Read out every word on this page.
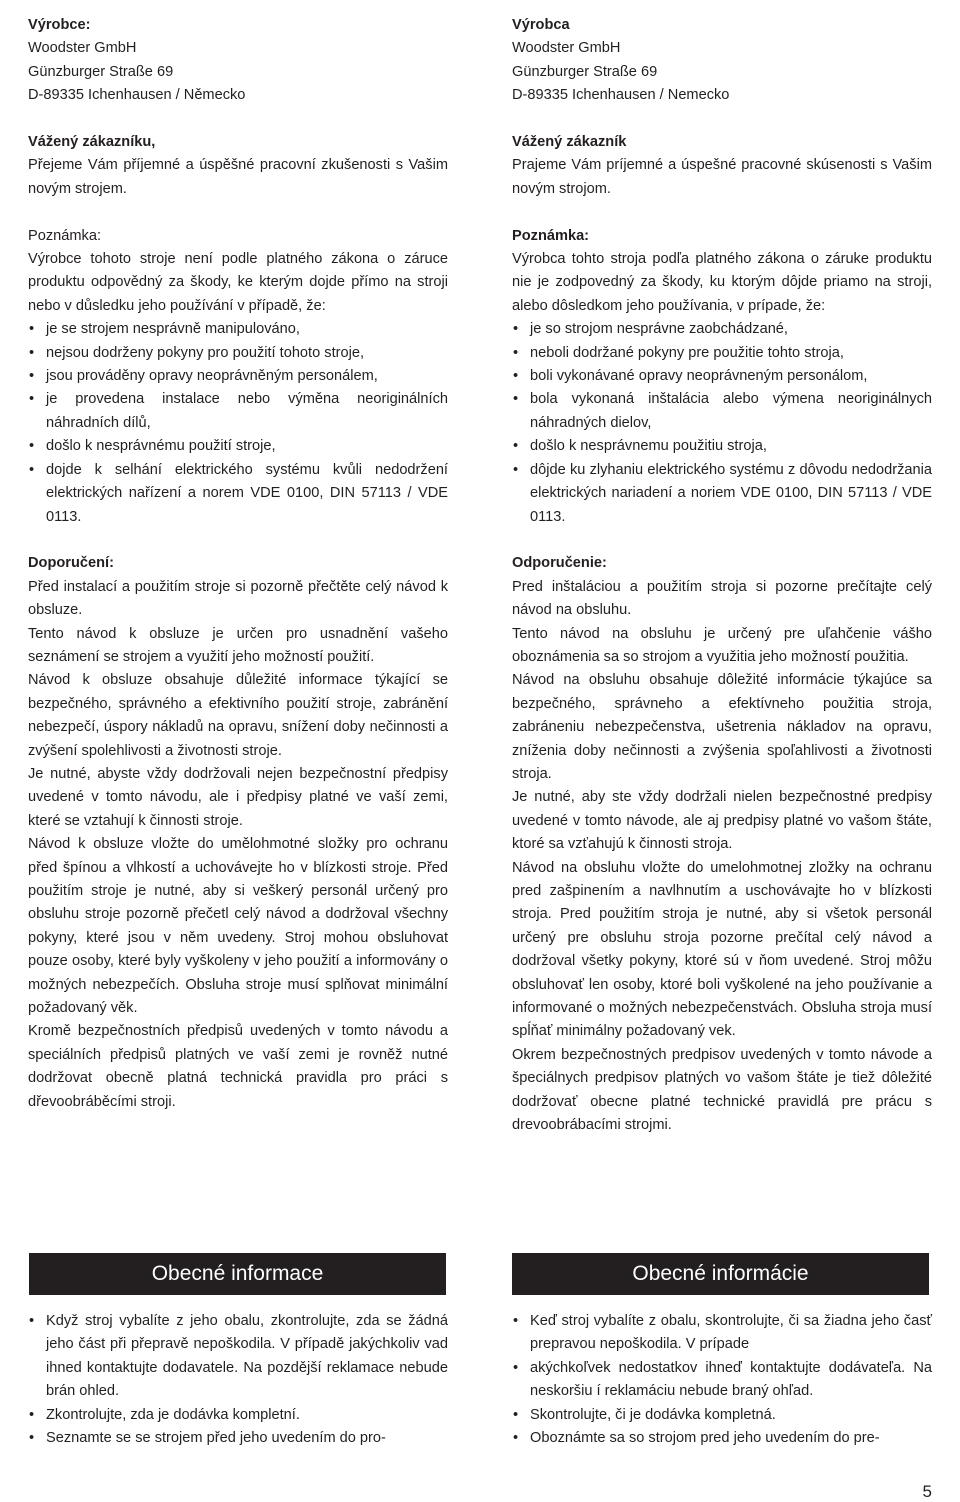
Výrobce:

Woodster GmbH

Günzburger Straße 69

D-89335 Ichenhausen / Německo

Vážený zákazníku,

Přejeme Vám příjemné a úspěšné pracovní zkušenosti s Vašim novým strojem.

Poznámka:

Výrobce tohoto stroje není podle platného zákona o záruce produktu odpovědný za škody, ke kterým dojde přímo na stroji nebo v důsledku jeho používání v případě, že:

• je se strojem nesprávně manipulováno,
• nejsou dodrženy pokyny pro použití tohoto stroje,
• jsou prováděny opravy neoprávněným personálem,
• je provedena instalace nebo výměna neoriginálních náhradních dílů,
• došlo k nesprávnému použití stroje,
• dojde k selhání elektrického systému kvůli nedodržení elektrických nařízení a norem VDE 0100, DIN 57113 / VDE 0113.

Doporučení:

Před instalací a použitím stroje si pozorně přečtěte celý návod k obsluze.

Tento návod k obsluze je určen pro usnadnění vašeho seznámení se strojem a využití jeho možností použití.

Návod k obsluze obsahuje důležité informace týkající se bezpečného, správného a efektivního použití stroje, zabránění nebezpečí, úspory nákladů na opravu, snížení doby nečinnosti a zvýšení spolehlivosti a životnosti stroje.

Je nutné, abyste vždy dodržovali nejen bezpečnostní předpisy uvedené v tomto návodu, ale i předpisy platné ve vaší zemi, které se vztahují k činnosti stroje.

Návod k obsluze vložte do umělohmotné složky pro ochranu před špínou a vlhkostí a uchovávejte ho v blízkosti stroje. Před použitím stroje je nutné, aby si veškerý personál určený pro obsluhu stroje pozorně přečetl celý návod a dodržoval všechny pokyny, které jsou v něm uvedeny. Stroj mohou obsluhovat pouze osoby, které byly vyškoleny v jeho použití a informovány o možných nebezpečích. Obsluha stroje musí splňovat minimální požadovaný věk.

Kromě bezpečnostních předpisů uvedených v tomto návodu a speciálních předpisů platných ve vaší zemi je rovněž nutné dodržovat obecně platná technická pravidla pro práci s dřevoobráběcími stroji.

Výrobca

Woodster GmbH

Günzburger Straße 69

D-89335 Ichenhausen / Nemecko

Vážený zákazník

Prajeme Vám príjemné a úspešné pracovné skúsenosti s Vašim novým strojom.

Poznámka:

Výrobca tohto stroja podľa platného zákona o záruke produktu nie je zodpovedný za škody, ku ktorým dôjde priamo na stroji, alebo dôsledkom jeho používania, v prípade, že:

• je so strojom nesprávne zaobchádzané,
• neboli dodržané pokyny pre použitie tohto stroja,
• boli vykonávané opravy neoprávneným personálom,
• bola vykonaná inštalácia alebo výmena neoriginálnych náhradných dielov,
• došlo k nesprávnemu použitiu stroja,
• dôjde ku zlyhaniu elektrického systému z dôvodu nedodržania elektrických nariadení a noriem VDE 0100, DIN 57113 / VDE 0113.

Odporučenie:

Pred inštaláciou a použitím stroja si pozorne prečítajte celý návod na obsluhu.

Tento návod na obsluhu je určený pre uľahčenie vášho oboznámenia sa so strojom a využitia jeho možností použitia.

Návod na obsluhu obsahuje dôležité informácie týkajúce sa bezpečného, správneho a efektívneho použitia stroja, zabráneniu nebezpečenstva, ušetrenia nákladov na opravu, zníženia doby nečinnosti a zvýšenia spoľahlivosti a životnosti stroja.

Je nutné, aby ste vždy dodržali nielen bezpečnostné predpisy uvedené v tomto návode, ale aj predpisy platné vo vašom štáte, ktoré sa vzťahujú k činnosti stroja.

Návod na obsluhu vložte do umelohmotnej zložky na ochranu pred zašpinením a navlhnutím a uschovávajte ho v blízkosti stroja. Pred použitím stroja je nutné, aby si všetok personál určený pre obsluhu stroja pozorne prečítal celý návod a dodržoval všetky pokyny, ktoré sú v ňom uvedené. Stroj môžu obsluhovať len osoby, ktoré boli vyškolené na jeho používanie a informované o možných nebezpečenstvách. Obsluha stroja musí spĺňať minimálny požadovaný vek.

Okrem bezpečnostných predpisov uvedených v tomto návode a špeciálnych predpisov platných vo vašom štáte je tiež dôležité dodržovať obecne platné technické pravidlá pre prácu s drevoobrábacími strojmi.

Obecné informace	Obecné informácie
• Když stroj vybalíte z jeho obalu, zkontrolujte, zda se žádná jeho část při přepravě nepoškodila. V případě jakýchkoliv vad ihned kontaktujte dodavatele. Na pozdější reklamace nebude brán ohled.
• Zkontrolujte, zda je dodávka kompletní.
• Seznamte se se strojem před jeho uvedením do pro-
• Keď stroj vybalíte z obalu, skontrolujte, či sa žiadna jeho časť prepravou nepoškodila. V prípade
• akýchkoľvek nedostatkov ihneď kontaktujte dodávateľa. Na neskoršiu í reklamáciu nebude braný ohľad.
• Skontrolujte, či je dodávka kompletná.
• Oboznámte sa so strojom pred jeho uvedením do pre-
5
